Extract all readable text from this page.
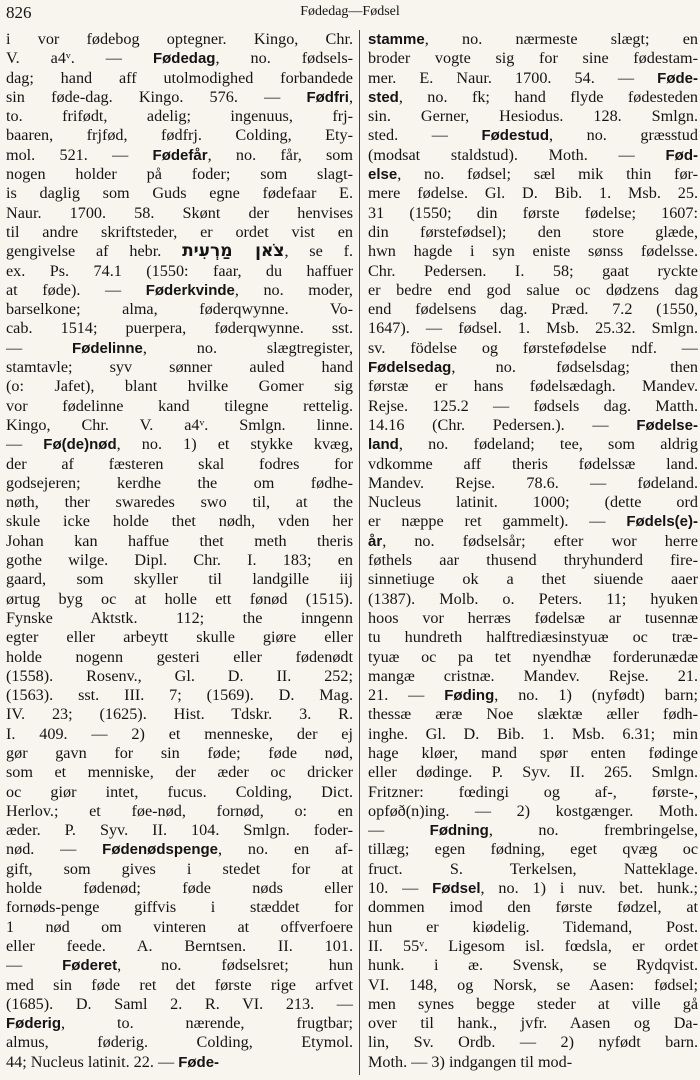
826	Fødedag—Fødsel
i vor fødebog optegner. Kingo, Chr.
V. a4ᵛ. — Fødedag, no. fødsels-
dag; hand aff utolmodighed forbandede
sin føde-dag. Kingo. 576. — Fødfri,
to. frifødt, adelig; ingenuus, frj-
baaren, frjfød, fødfrj. Colding, Ety-
mol. 521. — Fødefår, no. får, som
nogen holder på foder; som slagt-
is daglig som Guds egne fødefaar E.
Naur. 1700. 58. Skønt der henvises
til andre skriftsteder, er ordet vist en
gengivelse af hebr. צֹאן מַרְעִית, se f.
ex. Ps. 74.1 (1550: faar, du haffuer
at føde). — Føderkvinde, no. moder,
barselkone; alma, føderqwynne. Vo-
cab. 1514; puerpera, føderqwynne. sst.
— Fødelinne, no. slægtregister,
stamtavle; syv sønner auled hand
(o: Jafet), blant hvilke Gomer sig
vor fødelinne kand tilegne rettelig.
Kingo, Chr. V. a4ᵛ. Smlgn. linne.
— Fø(de)nød, no. 1) et stykke kvæg,
der af fæsteren skal fodres for
godsejeren; kerdhe the om fødhe-
nøth, ther swaredes swo til, at the
skule icke holde thet nødh, vden her
Johan kan haffue thet meth theris
gothe wilge. Dipl. Chr. I. 183; en
gaard, som skyller til landgille iij
ørtug byg oc at holle ett fønød (1515).
Fynske Aktstk. 112; the inngenn
egter eller arbeytt skulle giøre eller
holde nogenn gesteri eller fødenødt
(1558). Rosenv., Gl. D. II. 252;
(1563). sst. III. 7; (1569). D. Mag.
IV. 23; (1625). Hist. Tdskr. 3. R.
I. 409. — 2) et menneske, der ej
gør gavn for sin føde; føde nød,
som et menniske, der æder oc dricker
oc giør intet, fucus. Colding, Dict.
Herlov.; et føe-nød, fornød, o: en
æder. P. Syv. II. 104. Smlgn. foder-
nød. — Fødenødspenge, no. en af-
gift, som gives i stedet for at
holde fødenød; føde nøds eller
fornøds-penge giffvis i stæddet for
1 nød om vinteren at offverfoere
eller feede. A. Berntsen. II. 101.
— Føderet, no. fødselsret; hun
med sin føde ret det første rige arfvet
(1685). D. Saml 2. R. VI. 213. —
Føderig, to. nærende, frugtbar;
almus, føderig. Colding, Etymol.
44; Nucleus latinit. 22. — Føde-
stamme, no. nærmeste slægt; en
broder vogte sig for sine fødestam-
mer. E. Naur. 1700. 54. — Føde-
sted, no. fk; hand flyde fødesteden
sin. Gerner, Hesiodus. 128. Smlgn.
sted. — Fødestud, no. græsstud
(modsat staldstud). Moth. — Fød-
else, no. fødsel; sæl mik thin før-
mere fødelse. Gl. D. Bib. 1. Msb. 25.
31 (1550; din første fødelse; 1607:
din førstefødsel); den store glæde,
hwn hagde i syn eniste sønss fødelsse.
Chr. Pedersen. I. 58; gaat ryckte
er bedre end god salue oc dødzens dag
end fødelsens dag. Præd. 7.2 (1550,
1647). — fødsel. 1. Msb. 25.32. Smlgn.
sv. födelse og førstefødelse ndf. —
Fødelsedag, no. fødselsdag; then
førstæ er hans fødelsædagh. Mandev.
Rejse. 125.2 — fødsels dag. Matth.
14.16 (Chr. Pedersen.). — Fødelse-
land, no. fødeland; tee, som aldrig
vdkomme aff theris fødelssæ land.
Mandev. Rejse. 78.6. — fødeland.
Nucleus latinit. 1000; (dette ord
er næppe ret gammelt). — Fødels(e)-
år, no. fødselsår; efter wor herre
føthels aar thusend thryhunderd fire-
sinnetiuge ok a thet siuende aaer
(1387). Molb. o. Peters. 11; hyuken
hoos vor herræs fødelsæ ar tusennæ
tu hundreth halftrediæsinstyuæ oc træ-
tyuæ oc pa tet nyendhæ forderunædæ
mangæ cristnæ. Mandev. Rejse. 21.
21. — Føding, no. 1) (nyfødt) barn;
thessæ æræ Noe slæktæ æller fødh-
inghe. Gl. D. Bib. 1. Msb. 6.31; min
hage kløer, mand spør enten fødinge
eller dødinge. P. Syv. II. 265. Smlgn.
Fritzner: fœdingi og af-, første-,
opføð(n)ing. — 2) kostgænger. Moth.
— Fødning, no. frembringelse,
tillæg; egen fødning, eget qvæg oc
fruct. S. Terkelsen, Natteklage.
10. — Fødsel, no. 1) i nuv. bet. hunk.;
dommen imod den første fødzel, at
hun er kiødelig. Tidemand, Post.
II. 55ᵛ. Ligesom isl. fœdsla, er ordet
hunk. i æ. Svensk, se Rydqvist.
VI. 148, og Norsk, se Aasen: fødsel;
men synes begge steder at ville gå
over til hank., jvfr. Aasen og Da-
lin, Sv. Ordb. — 2) nyfødt barn.
Moth. — 3) indgangen til mod-
